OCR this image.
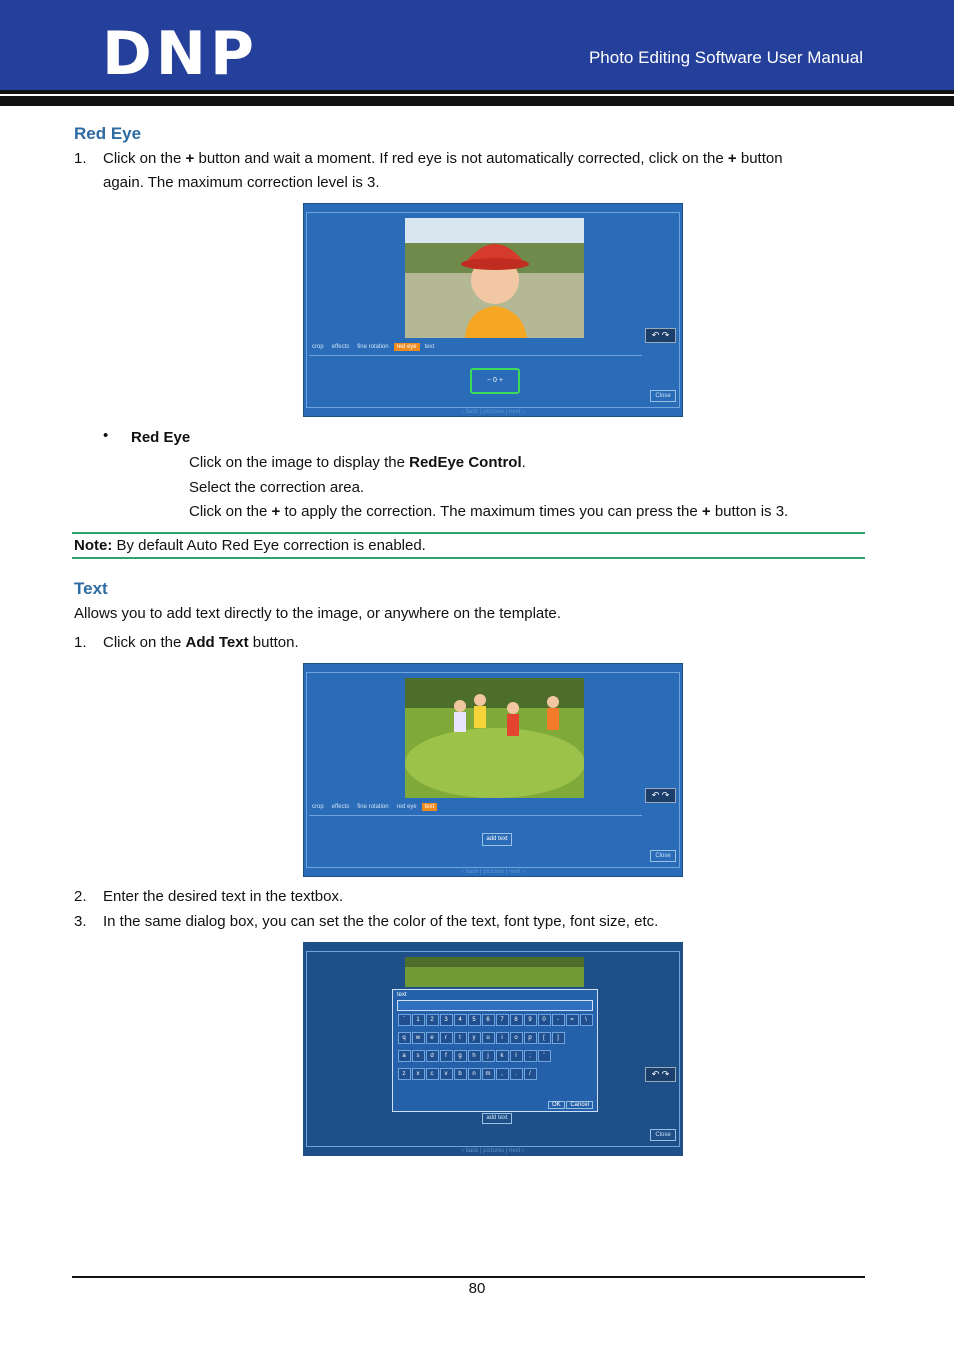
DNP	Photo Editing Software User Manual
Red Eye
1. Click on the + button and wait a moment. If red eye is not automatically corrected, click on the + button
again. The maximum correction level is 3.
↶ ↷
crop effects fine rotation red eye text
− 0 +
Close
‹ back | pictures | next ›
• Red Eye
Click on the image to display the RedEye Control.
Select the correction area.
Click on the + to apply the correction. The maximum times you can press the + button is 3.
Note: By default Auto Red Eye correction is enabled.
Text
Allows you to add text directly to the image, or anywhere on the template.
1. Click on the Add Text button.
↶ ↷
crop effects fine rotation red eye text
add text
Close
‹ back | pictures | next ›
2. Enter the desired text in the textbox.
3. In the same dialog box, you can set the the color of the text, font type, font size, etc.
↶ ↷
text
` 1 2 3 4 5 6 7 8 9 0 - = \
q w e r t y u i o p [ ]
a s d f g h j k l ; '
z x c v b n m , . /
OK Cancel
add text
Close
‹ back | pictures | next ›
80
